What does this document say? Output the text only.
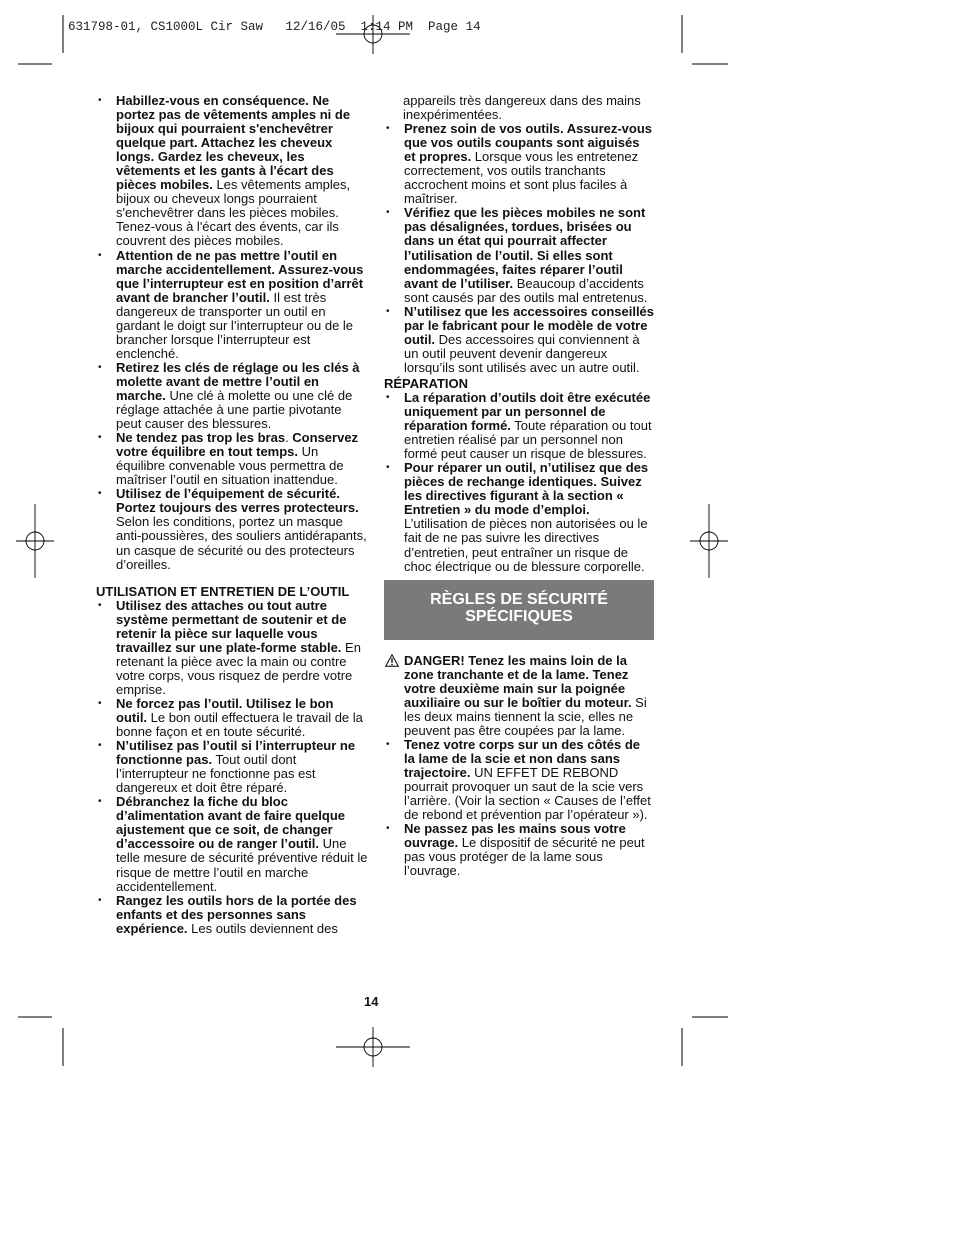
631798-01, CS1000L Cir Saw   12/16/05  1:14 PM  Page 14
• Habillez-vous en conséquence. Ne portez pas de vêtements amples ni de bijoux qui pourraient s'enchevêtrer quelque part. Attachez les cheveux longs. Gardez les cheveux, les vêtements et les gants à l'écart des pièces mobiles. Les vêtements amples, bijoux ou cheveux longs pourraient s'enchevêtrer dans les pièces mobiles. Tenez-vous à l'écart des évents, car ils couvrent des pièces mobiles.
• Attention de ne pas mettre l’outil en marche accidentellement. Assurez-vous que l’interrupteur est en position d’arrêt avant de brancher l’outil. Il est très dangereux de transporter un outil en gardant le doigt sur l’interrupteur ou de le brancher lorsque l’interrupteur est enclenché.
• Retirez les clés de réglage ou les clés à molette avant de mettre l’outil en marche. Une clé à molette ou une clé de réglage attachée à une partie pivotante peut causer des blessures.
• Ne tendez pas trop les bras. Conservez votre équilibre en tout temps. Un équilibre convenable vous permettra de maîtriser l’outil en situation inattendue.
• Utilisez de l’équipement de sécurité. Portez toujours des verres protecteurs. Selon les conditions, portez un masque anti-poussières, des souliers antidérapants, un casque de sécurité ou des protecteurs d’oreilles.
UTILISATION ET ENTRETIEN DE L’OUTIL
• Utilisez des attaches ou tout autre système permettant de soutenir et de retenir la pièce sur laquelle vous travaillez sur une plate-forme stable. En retenant la pièce avec la main ou contre votre corps, vous risquez de perdre votre emprise.
• Ne forcez pas l’outil. Utilisez le bon outil. Le bon outil effectuera le travail de la bonne façon et en toute sécurité.
• N’utilisez pas l’outil si l’interrupteur ne fonctionne pas. Tout outil dont l’interrupteur ne fonctionne pas est dangereux et doit être réparé.
• Débranchez la fiche du bloc d’alimentation avant de faire quelque ajustement que ce soit, de changer d’accessoire ou de ranger l’outil. Une telle mesure de sécurité préventive réduit le risque de mettre l’outil en marche accidentellement.
• Rangez les outils hors de la portée des enfants et des personnes sans expérience. Les outils deviennent des
appareils très dangereux dans des mains inexpérimentées.
• Prenez soin de vos outils. Assurez-vous que vos outils coupants sont aiguisés et propres. Lorsque vous les entretenez correctement, vos outils tranchants accrochent moins et sont plus faciles à maîtriser.
• Vérifiez que les pièces mobiles ne sont pas désalignées, tordues, brisées ou dans un état qui pourrait affecter l’utilisation de l’outil. Si elles sont endommagées, faites réparer l’outil avant de l’utiliser. Beaucoup d’accidents sont causés par des outils mal entretenus.
• N’utilisez que les accessoires conseillés par le fabricant pour le modèle de votre outil. Des accessoires qui conviennent à un outil peuvent devenir dangereux lorsqu’ils sont utilisés avec un autre outil.
RÉPARATION
• La réparation d’outils doit être exécutée uniquement par un personnel de réparation formé. Toute réparation ou tout entretien réalisé par un personnel non formé peut causer un risque de blessures.
• Pour réparer un outil, n’utilisez que des pièces de rechange identiques. Suivez les directives figurant à la section « Entretien » du mode d’emploi. L’utilisation de pièces non autorisées ou le fait de ne pas suivre les directives d’entretien, peut entraîner un risque de choc électrique ou de blessure corporelle.
RÈGLES DE SÉCURITÉ
SPÉCIFIQUES
DANGER! Tenez les mains loin de la zone tranchante et de la lame. Tenez votre deuxième main sur la poignée auxiliaire ou sur le boîtier du moteur. Si les deux mains tiennent la scie, elles ne peuvent pas être coupées par la lame.
• Tenez votre corps sur un des côtés de la lame de la scie et non dans sans trajectoire. UN EFFET DE REBOND pourrait provoquer un saut de la scie vers l’arrière. (Voir la section « Causes de l’effet de rebond et prévention par l’opérateur »).
• Ne passez pas les mains sous votre ouvrage. Le dispositif de sécurité ne peut pas vous protéger de la lame sous l’ouvrage.
14
